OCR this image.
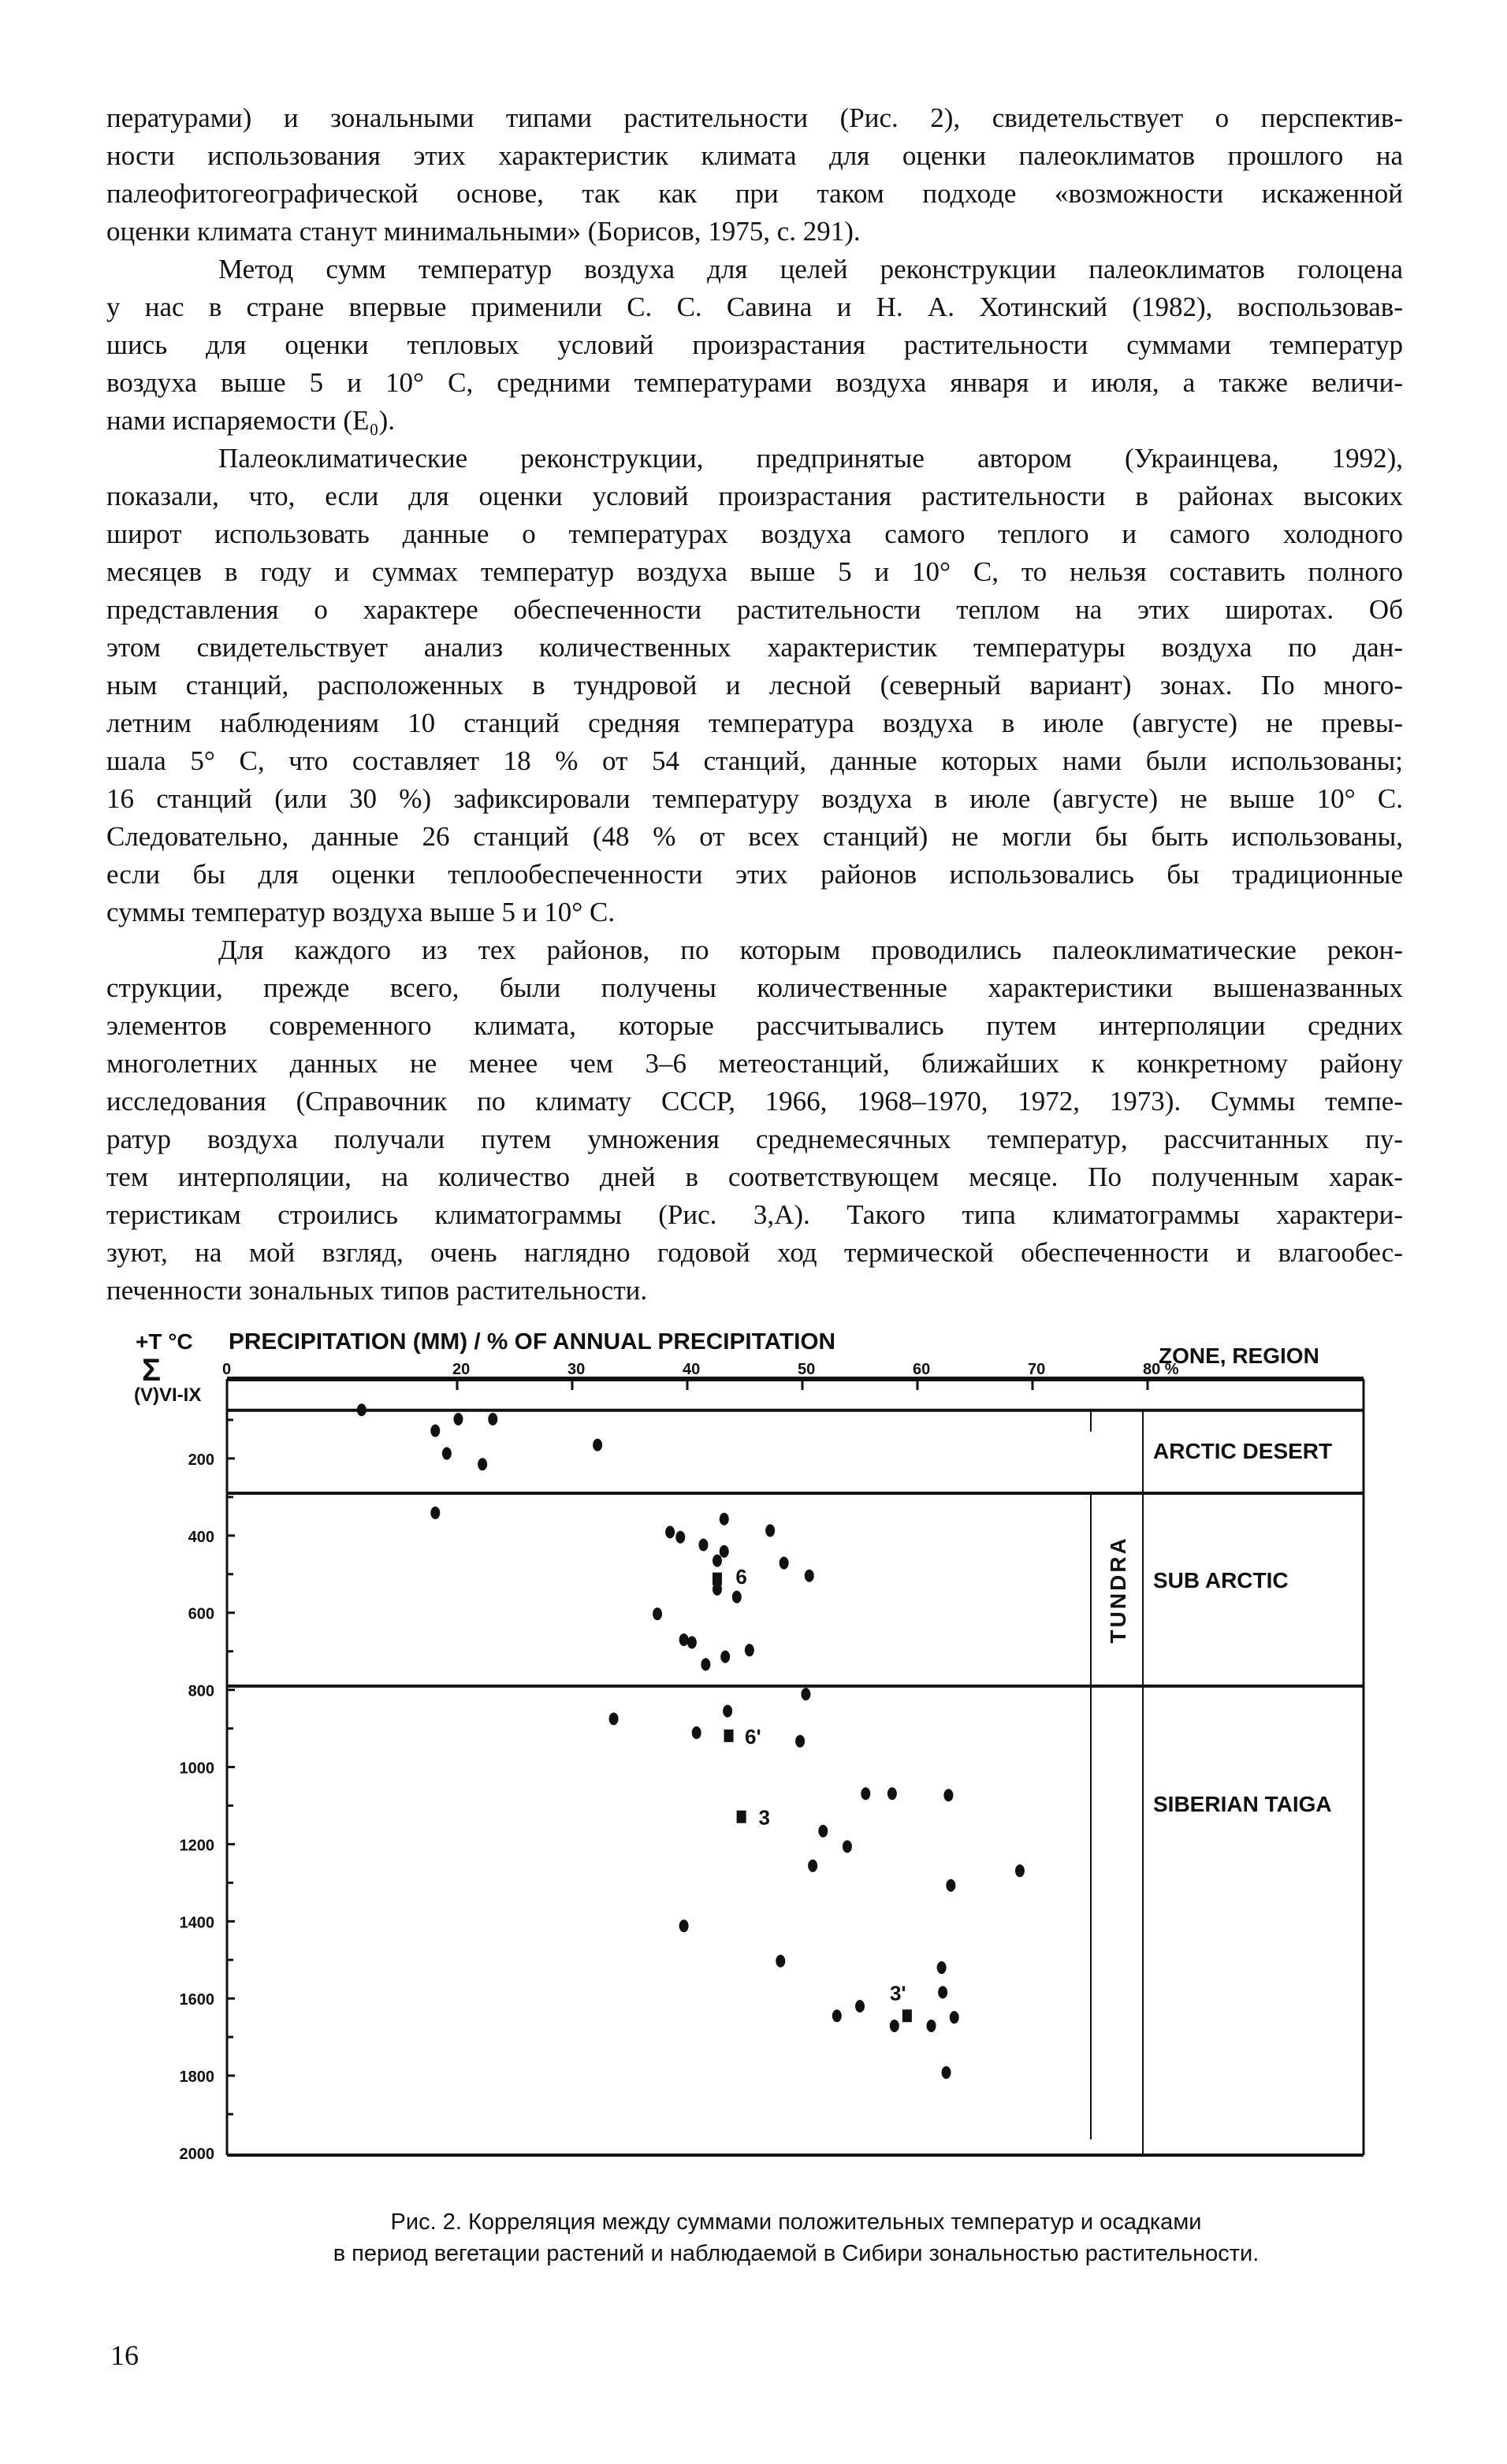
пературами) и зональными типами растительности (Рис. 2), свидетельствует о перспектив-
ности использования этих характеристик климата для оценки палеоклиматов прошлого на
палеофитогеографической основе, так как при таком подходе «возможности искаженной
оценки климата станут минимальными» (Борисов, 1975, с. 291).
Метод сумм температур воздуха для целей реконструкции палеоклиматов голоцена
у нас в стране впервые применили С. С. Савина и Н. А. Хотинский (1982), воспользовав-
шись для оценки тепловых условий произрастания растительности суммами температур
воздуха выше 5 и 10° С, средними температурами воздуха января и июля, а также величи-
нами испаряемости (E₀).
Палеоклиматические реконструкции, предпринятые автором (Украинцева, 1992),
показали, что, если для оценки условий произрастания растительности в районах высоких
широт использовать данные о температурах воздуха самого теплого и самого холодного
месяцев в году и суммах температур воздуха выше 5 и 10° С, то нельзя составить полного
представления о характере обеспеченности растительности теплом на этих широтах. Об
этом свидетельствует анализ количественных характеристик температуры воздуха по дан-
ным станций, расположенных в тундровой и лесной (северный вариант) зонах. По много-
летним наблюдениям 10 станций средняя температура воздуха в июле (августе) не превы-
шала 5° С, что составляет 18 % от 54 станций, данные которых нами были использованы;
16 станций (или 30 %) зафиксировали температуру воздуха в июле (августе) не выше 10° С.
Следовательно, данные 26 станций (48 % от всех станций) не могли бы быть использованы,
если бы для оценки теплообеспеченности этих районов использовались бы традиционные
суммы температур воздуха выше 5 и 10° С.
Для каждого из тех районов, по которым проводились палеоклиматические рекон-
струкции, прежде всего, были получены количественные характеристики вышеназванных
элементов современного климата, которые рассчитывались путем интерполяции средних
многолетних данных не менее чем 3–6 метеостанций, ближайших к конкретному району
исследования (Справочник по климату СССР, 1966, 1968–1970, 1972, 1973). Суммы темпе-
ратур воздуха получали путем умножения среднемесячных температур, рассчитанных пу-
тем интерполяции, на количество дней в соответствующем месяце. По полученным харак-
теристикам строились климатограммы (Рис. 3,А). Такого типа климатограммы характери-
зуют, на мой взгляд, очень наглядно годовой ход термической обеспеченности и влагообес-
печенности зональных типов растительности.
+T °C
Σ
(V)VI-IX
PRECIPITATION (MM) / % OF ANNUAL PRECIPITATION
ZONE, REGION
0	20	30	40	50	60	70	80 %
200
400
600
800
1000
1200
1400
1600
1800
2000
ARCTIC DESERT
SUB ARCTIC
SIBERIAN TAIGA
TUNDRA
6
6'
3
3'
Рис. 2. Корреляция между суммами положительных температур и осадками
в период вегетации растений и наблюдаемой в Сибири зональностью растительности.
16
